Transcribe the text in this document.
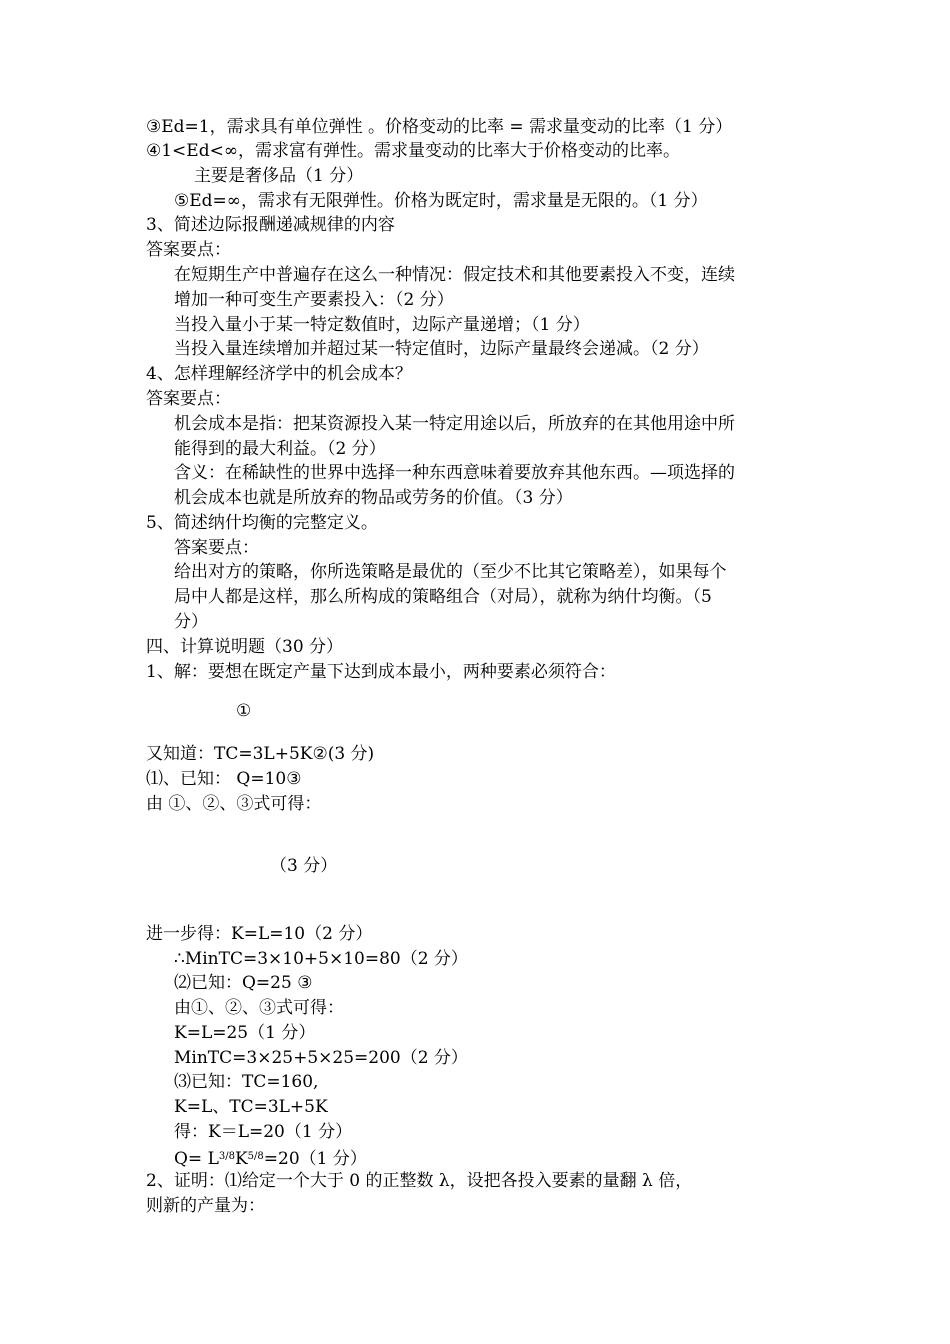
③Ed=1，需求具有单位弹性 。价格变动的比率 = 需求量变动的比率（1 分）
④1<Ed<∞，需求富有弹性。需求量变动的比率大于价格变动的比率。
主要是奢侈品（1 分）
⑤Ed=∞，需求有无限弹性。价格为既定时，需求量是无限的。（1 分）
3、简述边际报酬递减规律的内容
答案要点：
在短期生产中普遍存在这么一种情况：假定技术和其他要素投入不变，连续
增加一种可变生产要素投入：（2 分）
当投入量小于某一特定数值时，边际产量递增；（1 分）
当投入量连续增加并超过某一特定值时，边际产量最终会递减。（2 分）
4、怎样理解经济学中的机会成本？
答案要点：
机会成本是指：把某资源投入某一特定用途以后，所放弃的在其他用途中所
能得到的最大利益。（2 分）
含义：在稀缺性的世界中选择一种东西意味着要放弃其他东西。—项选择的
机会成本也就是所放弃的物品或劳务的价值。（3 分）
5、简述纳什均衡的完整定义。
答案要点：
给出对方的策略，你所选策略是最优的（至少不比其它策略差），如果每个
局中人都是这样，那么所构成的策略组合（对局），就称为纳什均衡。（5
分）
四、计算说明题（30 分）
1、解：要想在既定产量下达到成本最小，两种要素必须符合：
①
又知道：TC=3L+5K②(3 分)
⑴、已知： Q=10③
由 ①、②、③式可得：
（3 分）
进一步得：K=L=10（2 分）
∴MinTC=3×10+5×10=80（2 分）
⑵已知：Q=25 ③
由①、②、③式可得：
K=L=25（1 分）
MinTC=3×25+5×25=200（2 分）
⑶已知：TC=160,
K=L、TC=3L+5K
得：K＝L=20（1 分）
$Q= L^{3/8}K^{5/8}=20(1$ 分）
2、证明：⑴给定一个大于 0 的正整数 λ，设把各投入要素的量翻 λ 倍，
则新的产量为：
